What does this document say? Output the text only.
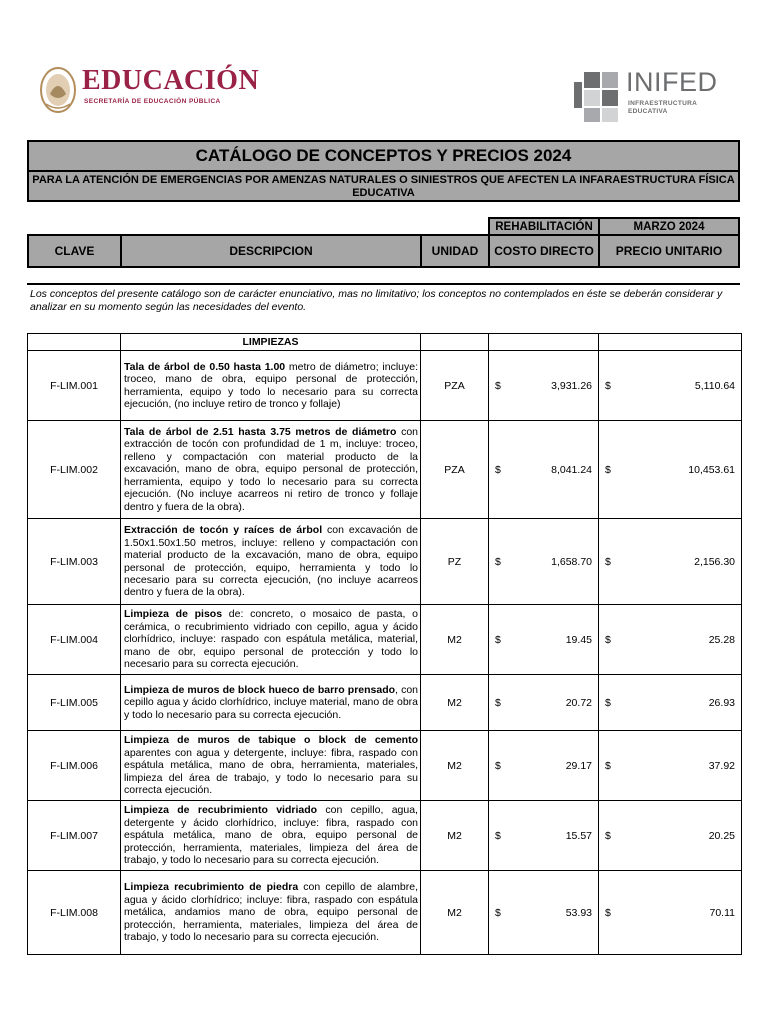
EDUCACIÓN
SECRETARÍA DE EDUCACIÓN PÚBLICA
INIFED
INFRAESTRUCTURA
EDUCATIVA
CATÁLOGO DE CONCEPTOS Y PRECIOS 2024
PARA LA ATENCIÓN DE EMERGENCIAS POR AMENZAS NATURALES O SINIESTROS QUE AFECTEN LA INFARAESTRUCTURA FÍSICA EDUCATIVA
REHABILITACIÓN	MARZO 2024
CLAVE	DESCRIPCION	UNIDAD	COSTO DIRECTO	PRECIO UNITARIO
Los conceptos del presente catálogo son de carácter enunciativo, mas no limitativo; los conceptos no contemplados en éste se deberán considerar y analizar en su momento según las necesidades del evento.
	LIMPIEZAS			
F-LIM.001	Tala de árbol de 0.50 hasta 1.00 metro de diámetro; incluye: troceo, mano de obra, equipo personal de protección, herramienta, equipo y todo lo necesario para su correcta ejecución, (no incluye retiro de tronco y follaje)	PZA	$ 3,931.26	$ 5,110.64

F-LIM.002	Tala de árbol de 2.51 hasta 3.75 metros de diámetro con extracción de tocón con profundidad de 1 m, incluye: troceo, relleno y compactación con material producto de la excavación, mano de obra, equipo personal de protección, herramienta, equipo y todo lo necesario para su correcta ejecución. (No incluye acarreos ni retiro de tronco y follaje dentro y fuera de la obra).	PZA	$ 8,041.24	$ 10,453.61

F-LIM.003	Extracción de tocón y raíces de árbol con excavación de 1.50x1.50x1.50 metros, incluye: relleno y compactación con material producto de la excavación, mano de obra, equipo personal de protección, equipo, herramienta y todo lo necesario para su correcta ejecución, (no incluye acarreos dentro y fuera de la obra).	PZ	$ 1,658.70	$ 2,156.30

F-LIM.004	Limpieza de pisos de: concreto, o mosaico de pasta, o cerámica, o recubrimiento vidriado con cepillo, agua y ácido clorhídrico, incluye: raspado con espátula metálica, material, mano de obr, equipo personal de protección y todo lo necesario para su correcta ejecución.	M2	$ 19.45	$ 25.28

F-LIM.005	Limpieza de muros de block hueco de barro prensado, con cepillo agua y ácido clorhídrico, incluye material, mano de obra y todo lo necesario para su correcta ejecución.	M2	$ 20.72	$ 26.93

F-LIM.006	Limpieza de muros de tabique o block de cemento aparentes con agua y detergente, incluye: fibra, raspado con espátula metálica, mano de obra, herramienta, materiales, limpieza del área de trabajo, y todo lo necesario para su correcta ejecución.	M2	$ 29.17	$ 37.92

F-LIM.007	Limpieza de recubrimiento vidriado con cepillo, agua, detergente y ácido clorhídrico, incluye: fibra, raspado con espátula metálica, mano de obra, equipo personal de protección, herramienta, materiales, limpieza del área de trabajo, y todo lo necesario para su correcta ejecución.	M2	$ 15.57	$ 20.25

F-LIM.008	Limpieza recubrimiento de piedra con cepillo de alambre, agua y ácido clorhídrico; incluye: fibra, raspado con espátula metálica, andamios mano de obra, equipo personal de protección, herramienta, materiales, limpieza del área de trabajo, y todo lo necesario para su correcta ejecución.	M2	$ 53.93	$ 70.11
